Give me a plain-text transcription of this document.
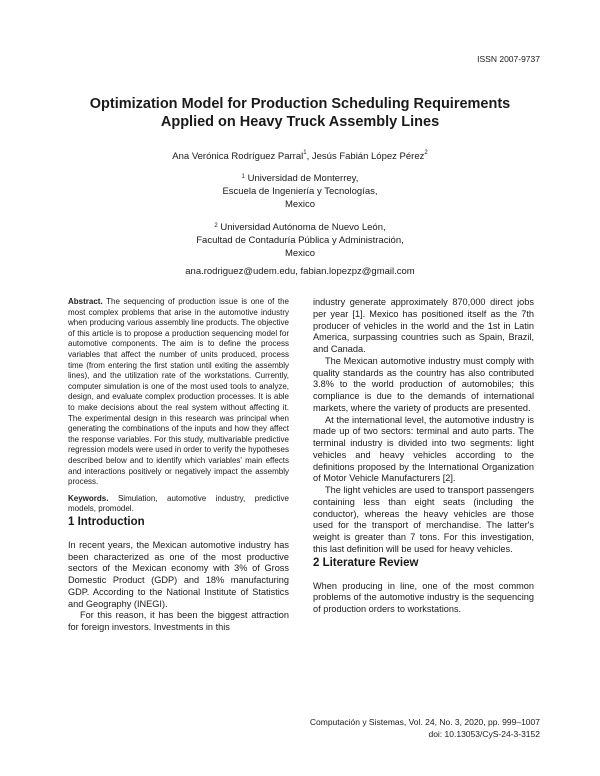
ISSN 2007-9737
Optimization Model for Production Scheduling Requirements
Applied on Heavy Truck Assembly Lines
Ana Verónica Rodríguez Parral$^1$, Jesús Fabián López Pérez$^2$
$^1$ Universidad de Monterrey,
Escuela de Ingeniería y Tecnologías,
Mexico
$^2$ Universidad Autónoma de Nuevo León,
Facultad de Contaduría Pública y Administración,
Mexico
ana.rodriguez@udem.edu, fabian.lopezpz@gmail.com

Abstract. The sequencing of production issue is one of the most complex problems that arise in the automotive industry when producing various assembly line products. The objective of this article is to propose a production sequencing model for automotive components. The aim is to define the process variables that affect the number of units produced, process time (from entering the first station until exiting the assembly lines), and the utilization rate of the workstations. Currently, computer simulation is one of the most used tools to analyze, design, and evaluate complex production processes. It is able to make decisions about the real system without affecting it. The experimental design in this research was principal when generating the combinations of the inputs and how they affect the response variables. For this study, multivariable predictive regression models were used in order to verify the hypotheses described below and to identify which variables' main effects and interactions positively or negatively impact the assembly process.

Keywords. Simulation, automotive industry, predictive models, promodel.

1 Introduction

In recent years, the Mexican automotive industry has been characterized as one of the most productive sectors of the Mexican economy with 3% of Gross Domestic Product (GDP) and 18% manufacturing GDP. According to the National Institute of Statistics and Geography (INEGI).

For this reason, it has been the biggest attraction for foreign investors. Investments in this

industry generate approximately 870,000 direct jobs per year [1]. Mexico has positioned itself as the 7th producer of vehicles in the world and the 1st in Latin America, surpassing countries such as Spain, Brazil, and Canada.

The Mexican automotive industry must comply with quality standards as the country has also contributed 3.8% to the world production of automobiles; this compliance is due to the demands of international markets, where the variety of products are presented.

At the international level, the automotive industry is made up of two sectors: terminal and auto parts. The terminal industry is divided into two segments: light vehicles and heavy vehicles according to the definitions proposed by the International Organization of Motor Vehicle Manufacturers [2].

The light vehicles are used to transport passengers containing less than eight seats (including the conductor), whereas the heavy vehicles are those used for the transport of merchandise. The latter's weight is greater than 7 tons. For this investigation, this last definition will be used for heavy vehicles.

2 Literature Review

When producing in line, one of the most common problems of the automotive industry is the sequencing of production orders to workstations.

Computación y Sistemas, Vol. 24, No. 3, 2020, pp. 999–1007
doi: 10.13053/CyS-24-3-3152
